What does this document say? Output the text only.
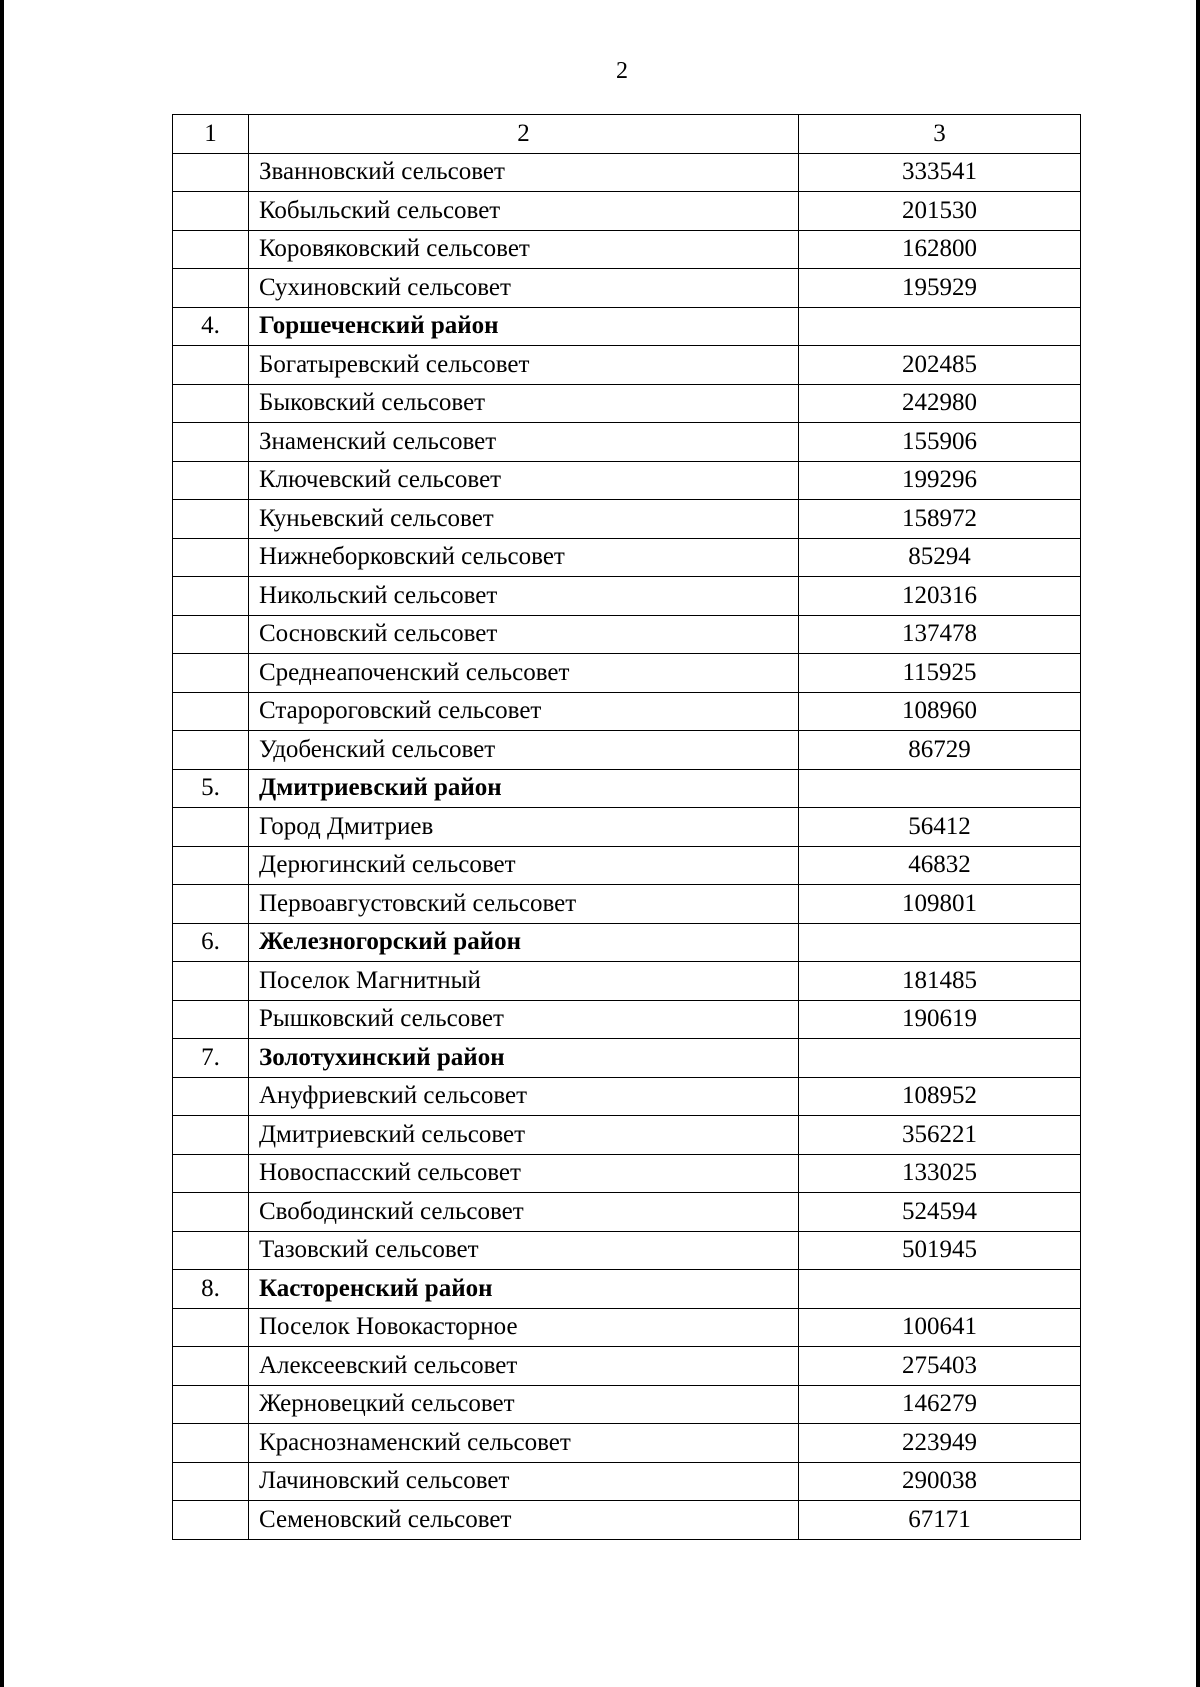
2
1	2	3
	Званновский сельсовет	333541
	Кобыльский сельсовет	201530
	Коровяковский сельсовет	162800
	Сухиновский сельсовет	195929
4.	Горшеченский район	
	Богатыревский сельсовет	202485
	Быковский сельсовет	242980
	Знаменский сельсовет	155906
	Ключевский сельсовет	199296
	Куньевский сельсовет	158972
	Нижнеборковский сельсовет	85294
	Никольский сельсовет	120316
	Сосновский сельсовет	137478
	Среднеапоченский сельсовет	115925
	Старороговский сельсовет	108960
	Удобенский сельсовет	86729
5.	Дмитриевский район	
	Город Дмитриев	56412
	Дерюгинский сельсовет	46832
	Первоавгустовский сельсовет	109801
6.	Железногорский район	
	Поселок Магнитный	181485
	Рышковский сельсовет	190619
7.	Золотухинский район	
	Ануфриевский сельсовет	108952
	Дмитриевский сельсовет	356221
	Новоспасский сельсовет	133025
	Свободинский сельсовет	524594
	Тазовский сельсовет	501945
8.	Касторенский район	
	Поселок Новокасторное	100641
	Алексеевский сельсовет	275403
	Жерновецкий сельсовет	146279
	Краснознаменский сельсовет	223949
	Лачиновский сельсовет	290038
	Семеновский сельсовет	67171
